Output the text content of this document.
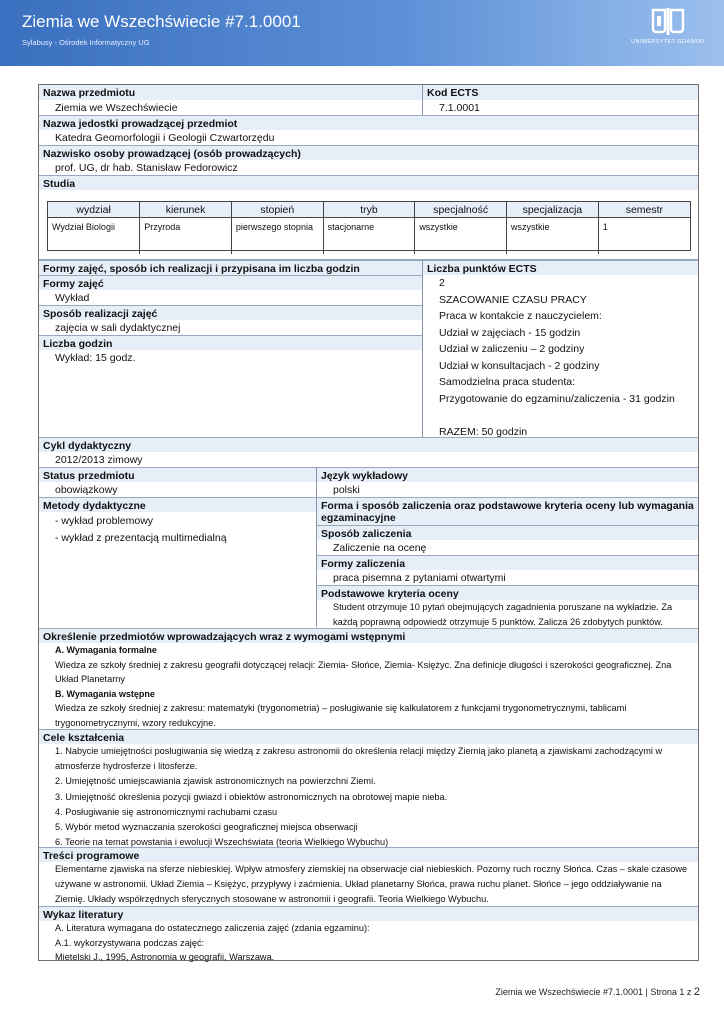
Ziemia we Wszechświecie #7.1.0001
Sylabusy - Ośrodek Informatyczny UG	UNIWERSYTET GDAŃSKI
Nazwa przedmiotu	Kod ECTS
Ziemia we Wszechświecie	7.1.0001
Nazwa jedostki prowadzącej przedmiot
Katedra Geomorfologii i Geologii Czwartorzędu
Nazwisko osoby prowadzącej (osób prowadzących)
prof. UG, dr hab. Stanisław Fedorowicz
Studia
wydział	kierunek	stopień	tryb	specjalność	specjalizacja	semestr
Wydział Biologii	Przyroda	pierwszego stopnia	stacjonarne	wszystkie	wszystkie	1
Formy zajęć, sposób ich realizacji i przypisana im liczba godzin	Liczba punktów ECTS
Formy zajęć
Wykład
Sposób realizacji zajęć
zajęcia w sali dydaktycznej
Liczba godzin
Wykład: 15 godz.
2
SZACOWANIE CZASU PRACY
Praca w kontakcie z nauczycielem:
Udział w zajęciach - 15 godzin
Udział w zaliczeniu – 2 godziny
Udział w konsultacjach - 2 godziny
Samodzielna praca studenta:
Przygotowanie do egzaminu/zaliczenia - 31 godzin
RAZEM: 50 godzin
Cykl dydaktyczny
2012/2013 zimowy
Status przedmiotu	Język wykładowy
obowiązkowy	polski
Metody dydaktyczne
- wykład problemowy
- wykład z prezentacją multimedialną
Forma i sposób zaliczenia oraz podstawowe kryteria oceny lub wymagania egzaminacyjne
Sposób zaliczenia
Zaliczenie na ocenę
Formy zaliczenia
praca pisemna z pytaniami otwartymi
Podstawowe kryteria oceny
Student otrzymuje 10 pytań obejmujących zagadnienia poruszane na wykładzie. Za każdą poprawną odpowiedź otrzymuje 5 punktów. Zalicza 26 zdobytych punktów.
Określenie przedmiotów wprowadzających wraz z wymogami wstępnymi
A. Wymagania formalne
Wiedza ze szkoły średniej z zakresu geografii dotyczącej relacji: Ziemia- Słońce, Ziemia- Księżyc. Zna definicje długości i szerokości geograficznej. Zna Układ Planetarny
B. Wymagania wstępne
Wiedza ze szkoły średniej z zakresu: matematyki (trygonometria) – posługiwanie się kalkulatorem z funkcjami trygonometrycznymi, tablicami trygonometrycznymi, wzory redukcyjne.
Cele kształcenia
1. Nabycie umiejętności posługiwania się wiedzą z zakresu astronomii do określenia relacji między Ziemią jako planetą a zjawiskami zachodzącymi w atmosferze hydrosferze i litosferze.
2. Umiejętność umiejscawiania zjawisk astronomicznych na powierzchni Ziemi.
3. Umiejętność określenia pozycji gwiazd i obiektów astronomicznych na obrotowej mapie nieba.
4. Posługiwanie się astronomicznymi rachubami czasu
5. Wybór metod wyznaczania szerokości geograficznej miejsca obserwacji
6. Teorie na temat powstania i ewolucji Wszechświata (teoria Wielkiego Wybuchu)
Treści programowe
Elementarne zjawiska na sferze niebieskiej. Wpływ atmosfery ziemskiej na obserwacje ciał niebieskich. Pozorny ruch roczny Słońca. Czas – skale czasowe używane w astronomii. Układ Ziemia – Księżyc, przypływy i zaćmienia. Układ planetarny Słońca, prawa ruchu planet. Słońce – jego oddziaływanie na Ziemię. Układy współrzędnych sferycznych stosowane w astronomii i geografii. Teoria Wielkiego Wybuchu.
Wykaz literatury
A. Literatura wymagana do ostatecznego zaliczenia zajęć (zdania egzaminu):
A.1. wykorzystywana podczas zajęć:
Mietelski J., 1995, Astronomia w geografii, Warszawa.
Ziemia we Wszechświecie #7.1.0001 | Strona 1 z 2
